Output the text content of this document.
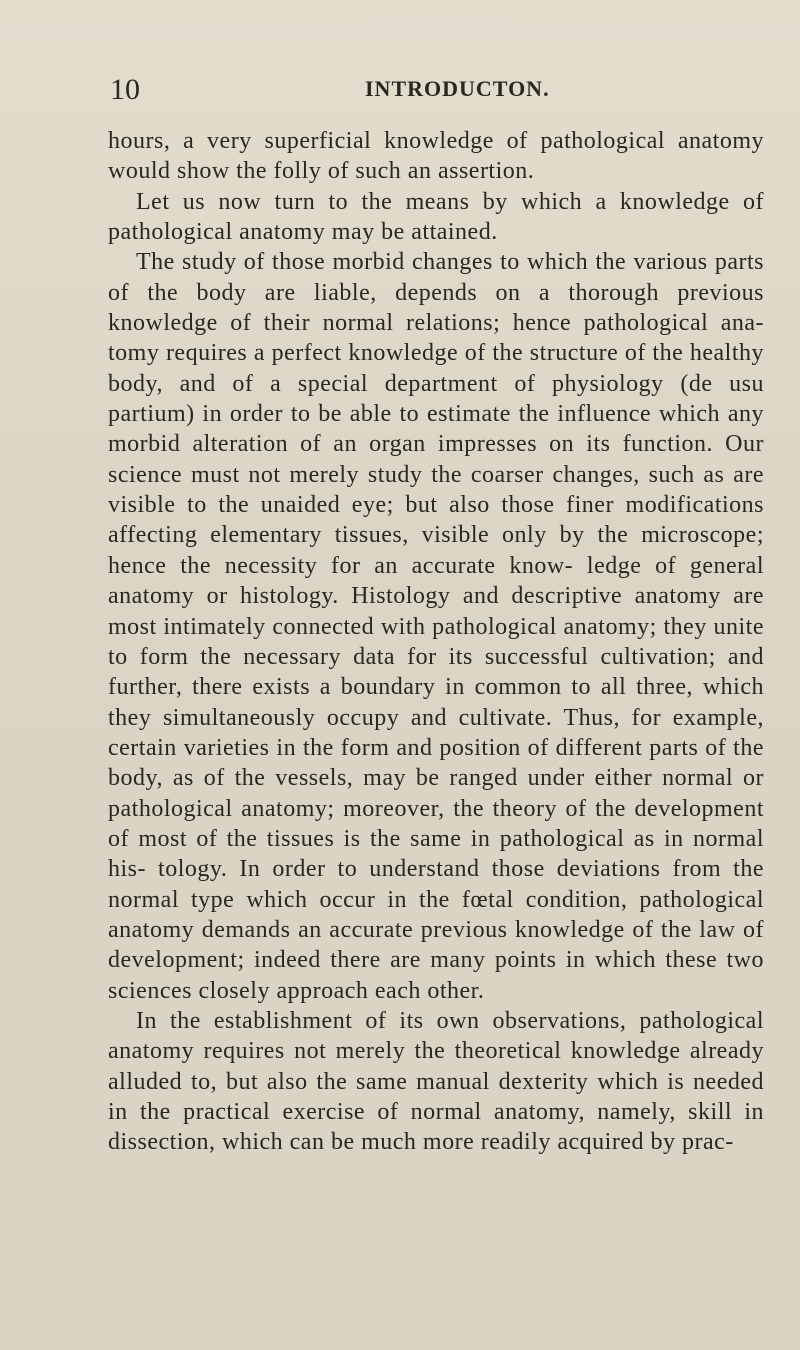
10	INTRODUCTON.

hours, a very superficial knowledge of pathological anatomy would show the folly of such an assertion.

Let us now turn to the means by which a knowledge of pathological anatomy may be attained.

The study of those morbid changes to which the various parts of the body are liable, depends on a thorough previous knowledge of their normal relations; hence pathological ana- tomy requires a perfect knowledge of the structure of the healthy body, and of a special department of physiology (de usu partium) in order to be able to estimate the influence which any morbid alteration of an organ impresses on its function. Our science must not merely study the coarser changes, such as are visible to the unaided eye; but also those finer modifications affecting elementary tissues, visible only by the microscope; hence the necessity for an accurate know- ledge of general anatomy or histology. Histology and descriptive anatomy are most intimately connected with pathological anatomy; they unite to form the necessary data for its successful cultivation; and further, there exists a boundary in common to all three, which they simultaneously occupy and cultivate. Thus, for example, certain varieties in the form and position of different parts of the body, as of the vessels, may be ranged under either normal or pathological anatomy; moreover, the theory of the development of most of the tissues is the same in pathological as in normal his- tology. In order to understand those deviations from the normal type which occur in the fœtal condition, pathological anatomy demands an accurate previous knowledge of the law of development; indeed there are many points in which these two sciences closely approach each other.

In the establishment of its own observations, pathological anatomy requires not merely the theoretical knowledge already alluded to, but also the same manual dexterity which is needed in the practical exercise of normal anatomy, namely, skill in dissection, which can be much more readily acquired by prac-
